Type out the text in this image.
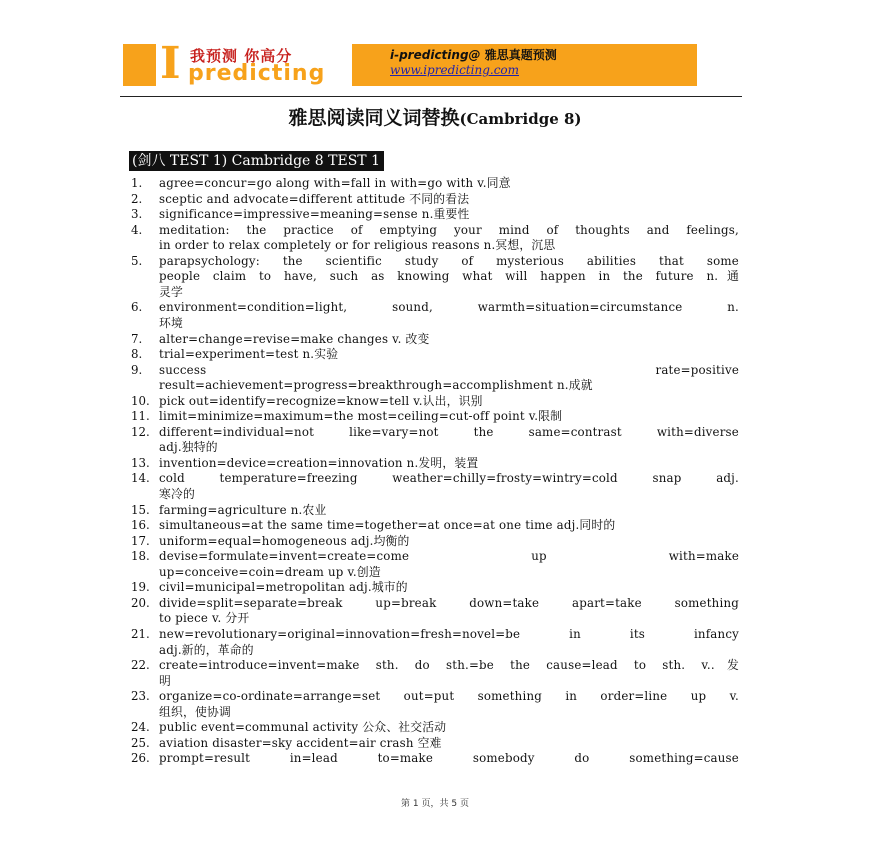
I 我预测 你高分
predicting
i-predicting@ 雅思真题预测
www.ipredicting.com
雅思阅读同义词替换(Cambridge 8)
(剑八 TEST 1) Cambridge 8 TEST 1
1. agree=concur=go along with=fall in with=go with v.同意
2. sceptic and advocate=different attitude 不同的看法
3. significance=impressive=meaning=sense n.重要性
4. meditation: the practice of emptying your mind of thoughts and feelings,
in order to relax completely or for religious reasons n.冥想，沉思
5. parapsychology: the scientific study of mysterious abilities that some
people claim to have, such as knowing what will happen in the future n.通
灵学
6. environment=condition=light, sound, warmth=situation=circumstance n.
环境
7. alter=change=revise=make changes v. 改变
8. trial=experiment=test n.实验
9. success rate=positive
result=achievement=progress=breakthrough=accomplishment n.成就
10. pick out=identify=recognize=know=tell v.认出，识别
11. limit=minimize=maximum=the most=ceiling=cut-off point v.限制
12. different=individual=not like=vary=not the same=contrast with=diverse
adj.独特的
13. invention=device=creation=innovation n.发明，装置
14. cold temperature=freezing weather=chilly=frosty=wintry=cold snap adj.
寒冷的
15. farming=agriculture n.农业
16. simultaneous=at the same time=together=at once=at one time adj.同时的
17. uniform=equal=homogeneous adj.均衡的
18. devise=formulate=invent=create=come up with=make
up=conceive=coin=dream up v.创造
19. civil=municipal=metropolitan adj.城市的
20. divide=split=separate=break up=break down=take apart=take something
to piece v. 分开
21. new=revolutionary=original=innovation=fresh=novel=be in its infancy
adj.新的，革命的
22. create=introduce=invent=make sth. do sth.=be the cause=lead to sth. v..发
明
23. organize=co-ordinate=arrange=set out=put something in order=line up v.
组织，使协调
24. public event=communal activity 公众、社交活动
25. aviation disaster=sky accident=air crash 空难
26. prompt=result in=lead to=make somebody do something=cause
第 1 页，共 5 页
